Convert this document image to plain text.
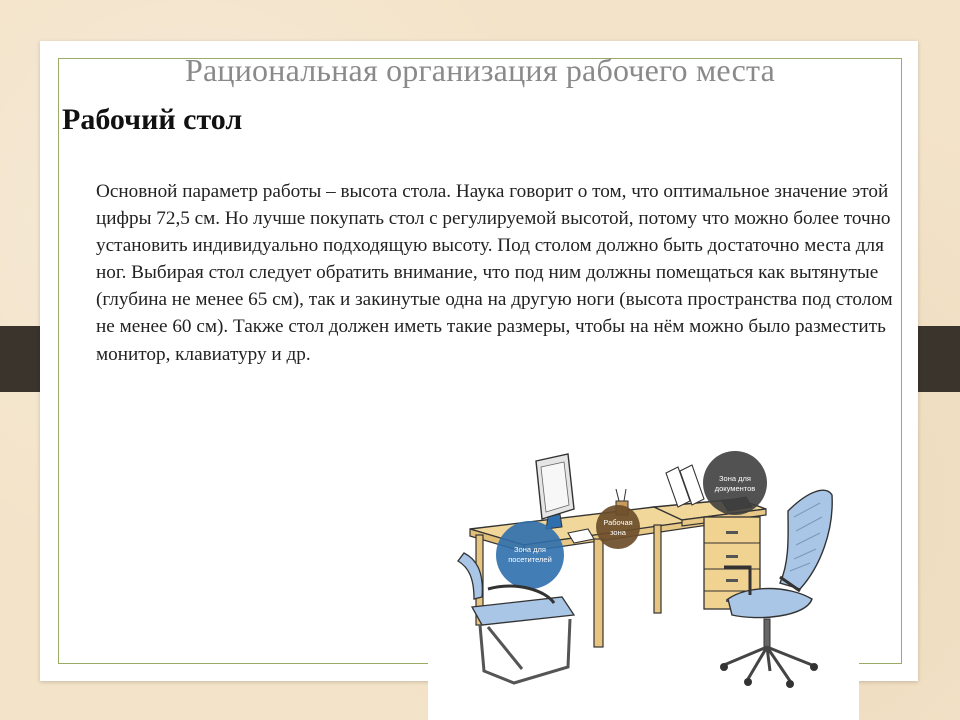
Рациональная организация рабочего места
Рабочий стол
Основной параметр работы – высота стола. Наука говорит о том, что оптимальное значение этой цифры 72,5 см. Но лучше покупать стол с регулируемой высотой, потому что можно более точно установить индивидуально подходящую высоту. Под столом должно быть достаточно места для ног. Выбирая стол следует обратить внимание, что под ним должны помещаться как вытянутые (глубина не менее 65 см), так и закинутые одна на другую ноги (высота пространства под столом не менее 60 см). Также стол должен иметь такие размеры, чтобы на нём можно было разместить монитор, клавиатуру и др.
Зона для
посетителей
Рабочая
зона
Зона для
документов
